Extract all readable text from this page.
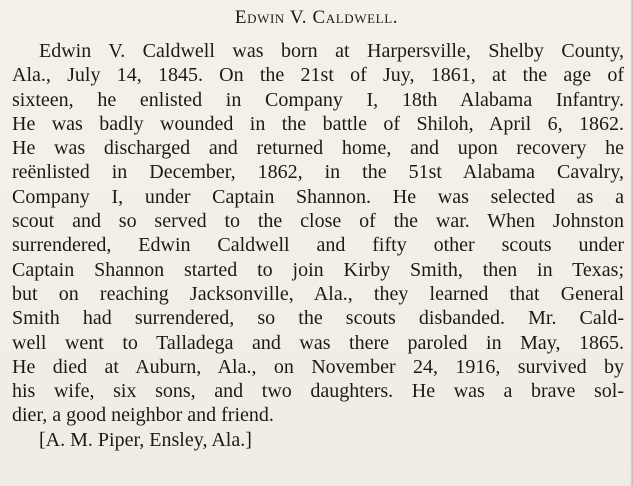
Edwin V. Caldwell.
Edwin V. Caldwell was born at Harpersville, Shelby County,
Ala., July 14, 1845. On the 21st of Juy, 1861, at the age of
sixteen, he enlisted in Company I, 18th Alabama Infantry.
He was badly wounded in the battle of Shiloh, April 6, 1862.
He was discharged and returned home, and upon recovery he
reënlisted in December, 1862, in the 51st Alabama Cavalry,
Company I, under Captain Shannon. He was selected as a
scout and so served to the close of the war. When Johnston
surrendered, Edwin Caldwell and fifty other scouts under
Captain Shannon started to join Kirby Smith, then in Texas;
but on reaching Jacksonville, Ala., they learned that General
Smith had surrendered, so the scouts disbanded. Mr. Cald-
well went to Talladega and was there paroled in May, 1865.
He died at Auburn, Ala., on November 24, 1916, survived by
his wife, six sons, and two daughters. He was a brave sol-
dier, a good neighbor and friend.
[A. M. Piper, Ensley, Ala.]
